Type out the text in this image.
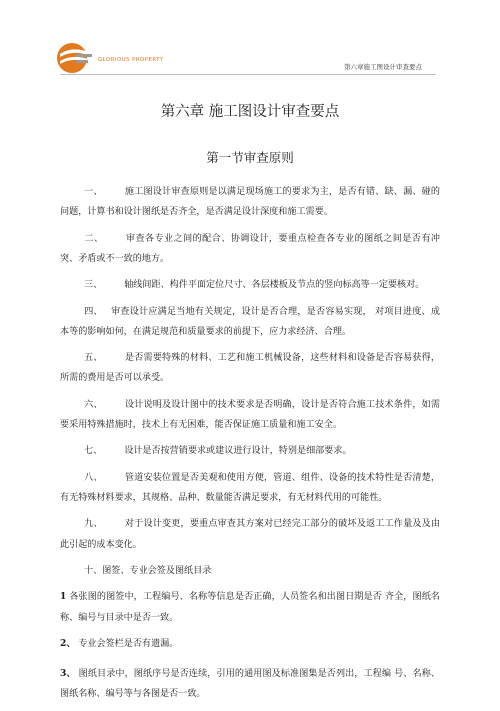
GLORIOUS PROPERTY
第六章施工图设计审查要点
第六章 施工图设计审查要点
第一节审查原则

一、 施工图设计审查原则是以满足现场施工的要求为主，是否有错、缺、漏、碰的问题，计算书和设计图纸是否齐全，是否满足设计深度和施工需要。

二、 审查各专业之间的配合、协调设计，要重点检查各专业的图纸之间是否有冲突、矛盾或不一致的地方。

三、 轴线间距、构件平面定位尺寸、各层楼板及节点的竖向标高等一定要核对。

四、 审查设计应满足当地有关规定，设计是否合理，是否容易实现， 对项目进度、成本等的影响如何，在满足规范和质量要求的前提下，应力求经济、合理。

五、 是否需要特殊的材料、工艺和施工机械设备，这些材料和设备是否容易获得，所需的费用是否可以承受。

六、 设计说明及设计图中的技术要求是否明确，设计是否符合施工技术条件，如需要采用特殊措施时，技术上有无困难，能否保证施工质量和施工安全。

七、 设计是否按营销要求或建议进行设计，特别是细部要求。

八、 管道安装位置是否美观和使用方便，管道、组件、设备的技术特性是否清楚，有无特殊材料要求，其规格、品种、数量能否满足要求，有无材料代用的可能性。

九、 对于设计变更，要重点审查其方案对已经完工部分的破坏及返工工作量及及由此引起的成本变化。

十、图签、专业会签及图纸目录

1 各张图的图签中，工程编号、名称等信息是否正确，人员签名和出图日期是否 齐全，图纸名称、编号与目录中是否一致。

2、 专业会签栏是否有遗漏。

3、 图纸目录中，图纸序号是否连续，引用的通用图及标准图集是否列出，工程编 号、名称、图纸名称、编号等与各图是否一致。
